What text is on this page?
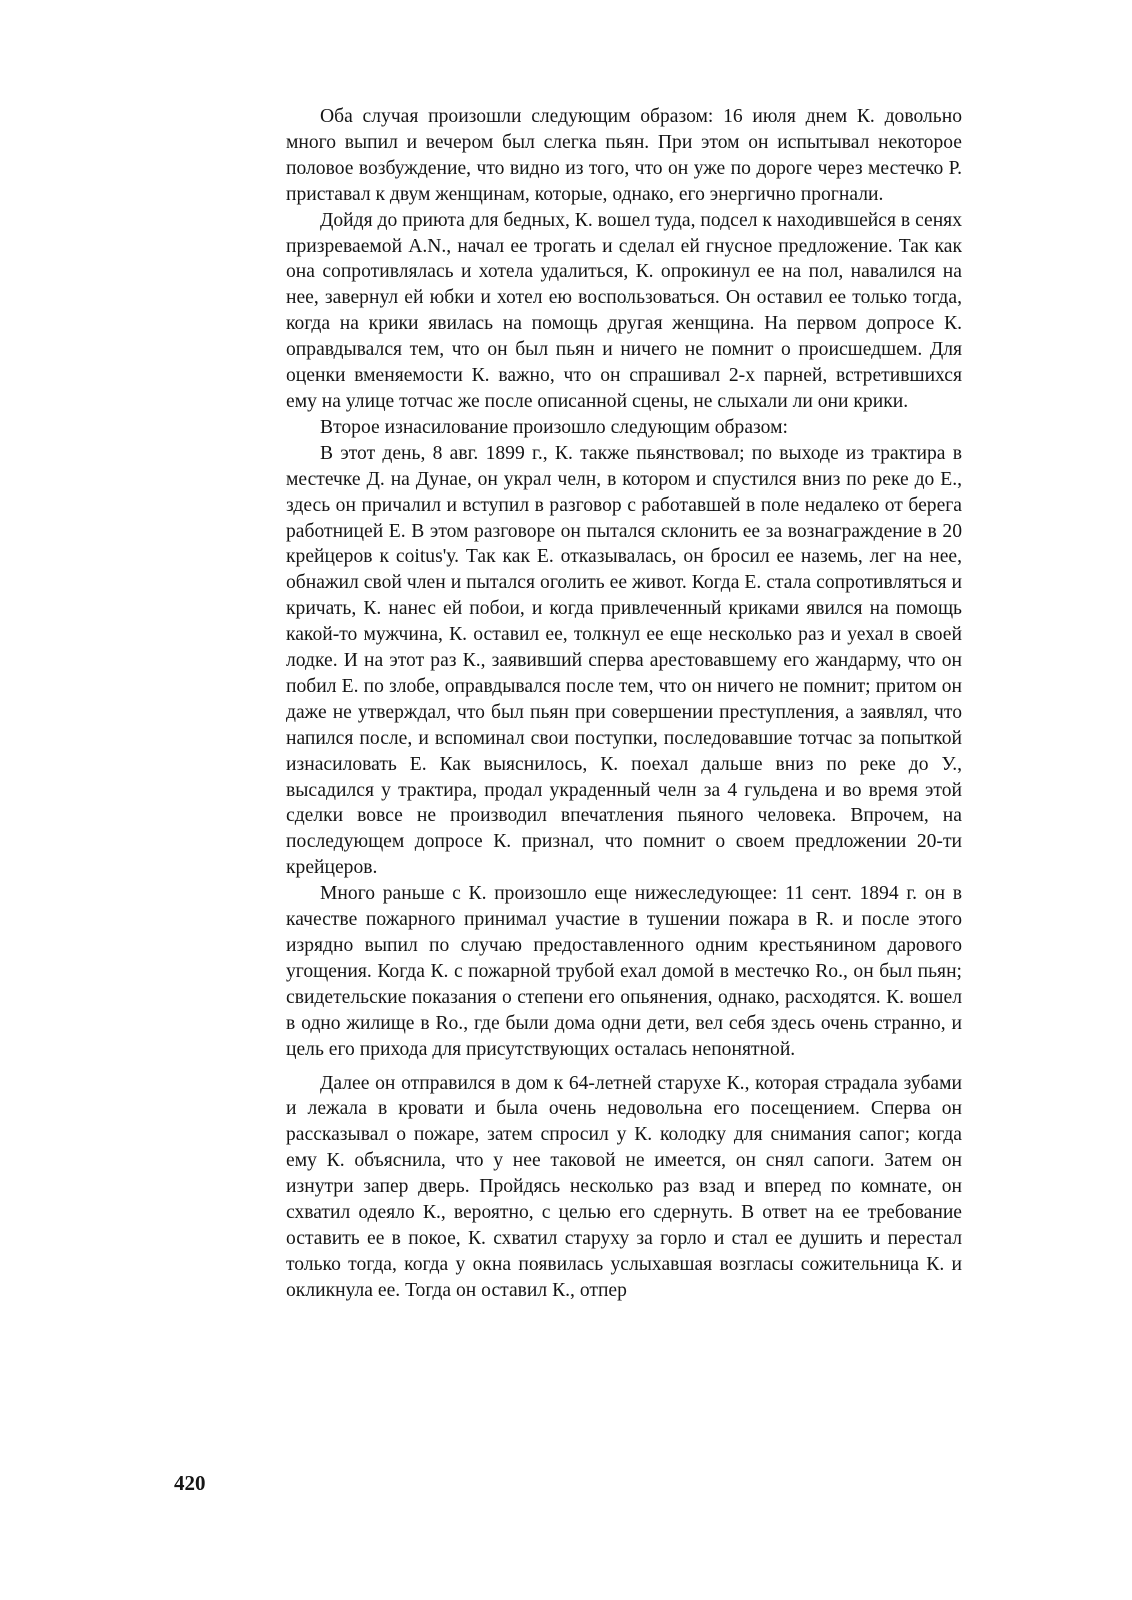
Оба случая произошли следующим образом: 16 июля днем К. довольно много выпил и вечером был слегка пьян. При этом он испытывал некоторое половое возбуждение, что видно из того, что он уже по дороге через местечко Р. приставал к двум женщинам, которые, однако, его энергично прогнали.

Дойдя до приюта для бедных, К. вошел туда, подсел к находившейся в сенях призреваемой A.N., начал ее трогать и сделал ей гнусное предложение. Так как она сопротивлялась и хотела удалиться, К. опрокинул ее на пол, навалился на нее, завернул ей юбки и хотел ею воспользоваться. Он оставил ее только тогда, когда на крики явилась на помощь другая женщина. На первом допросе К. оправдывался тем, что он был пьян и ничего не помнит о происшедшем. Для оценки вменяемости К. важно, что он спрашивал 2-х парней, встретившихся ему на улице тотчас же после описанной сцены, не слыхали ли они крики.

Второе изнасилование произошло следующим образом:

В этот день, 8 авг. 1899 г., К. также пьянствовал; по выходе из трактира в местечке Д. на Дунае, он украл челн, в котором и спустился вниз по реке до Е., здесь он причалил и вступил в разговор с работавшей в поле недалеко от берега работницей Е. В этом разговоре он пытался склонить ее за вознаграждение в 20 крейцеров к coitus'у. Так как Е. отказывалась, он бросил ее наземь, лег на нее, обнажил свой член и пытался оголить ее живот. Когда Е. стала сопротивляться и кричать, К. нанес ей побои, и когда привлеченный криками явился на помощь какой-то мужчина, К. оставил ее, толкнул ее еще несколько раз и уехал в своей лодке. И на этот раз К., заявивший сперва арестовавшему его жандарму, что он побил Е. по злобе, оправдывался после тем, что он ничего не помнит; притом он даже не утверждал, что был пьян при совершении преступления, а заявлял, что напился после, и вспоминал свои поступки, последовавшие тотчас за попыткой изнасиловать Е. Как выяснилось, К. поехал дальше вниз по реке до У., высадился у трактира, продал украденный челн за 4 гульдена и во время этой сделки вовсе не производил впечатления пьяного человека. Впрочем, на последующем допросе К. признал, что помнит о своем предложении 20-ти крейцеров.

Много раньше с К. произошло еще нижеследующее: 11 сент. 1894 г. он в качестве пожарного принимал участие в тушении пожара в R. и после этого изрядно выпил по случаю предоставленного одним крестьянином дарового угощения. Когда К. с пожарной трубой ехал домой в местечко Ro., он был пьян; свидетельские показания о степени его опьянения, однако, расходятся. К. вошел в одно жилище в Ro., где были дома одни дети, вел себя здесь очень странно, и цель его прихода для присутствующих осталась непонятной.

Далее он отправился в дом к 64-летней старухе К., которая страдала зубами и лежала в кровати и была очень недовольна его посещением. Сперва он рассказывал о пожаре, затем спросил у К. колодку для снимания сапог; когда ему К. объяснила, что у нее таковой не имеется, он снял сапоги. Затем он изнутри запер дверь. Пройдясь несколько раз взад и вперед по комнате, он схватил одеяло К., вероятно, с целью его сдернуть. В ответ на ее требование оставить ее в покое, К. схватил старуху за горло и стал ее душить и перестал только тогда, когда у окна появилась услыхавшая возгласы сожительница К. и окликнула ее. Тогда он оставил К., отпер

420
